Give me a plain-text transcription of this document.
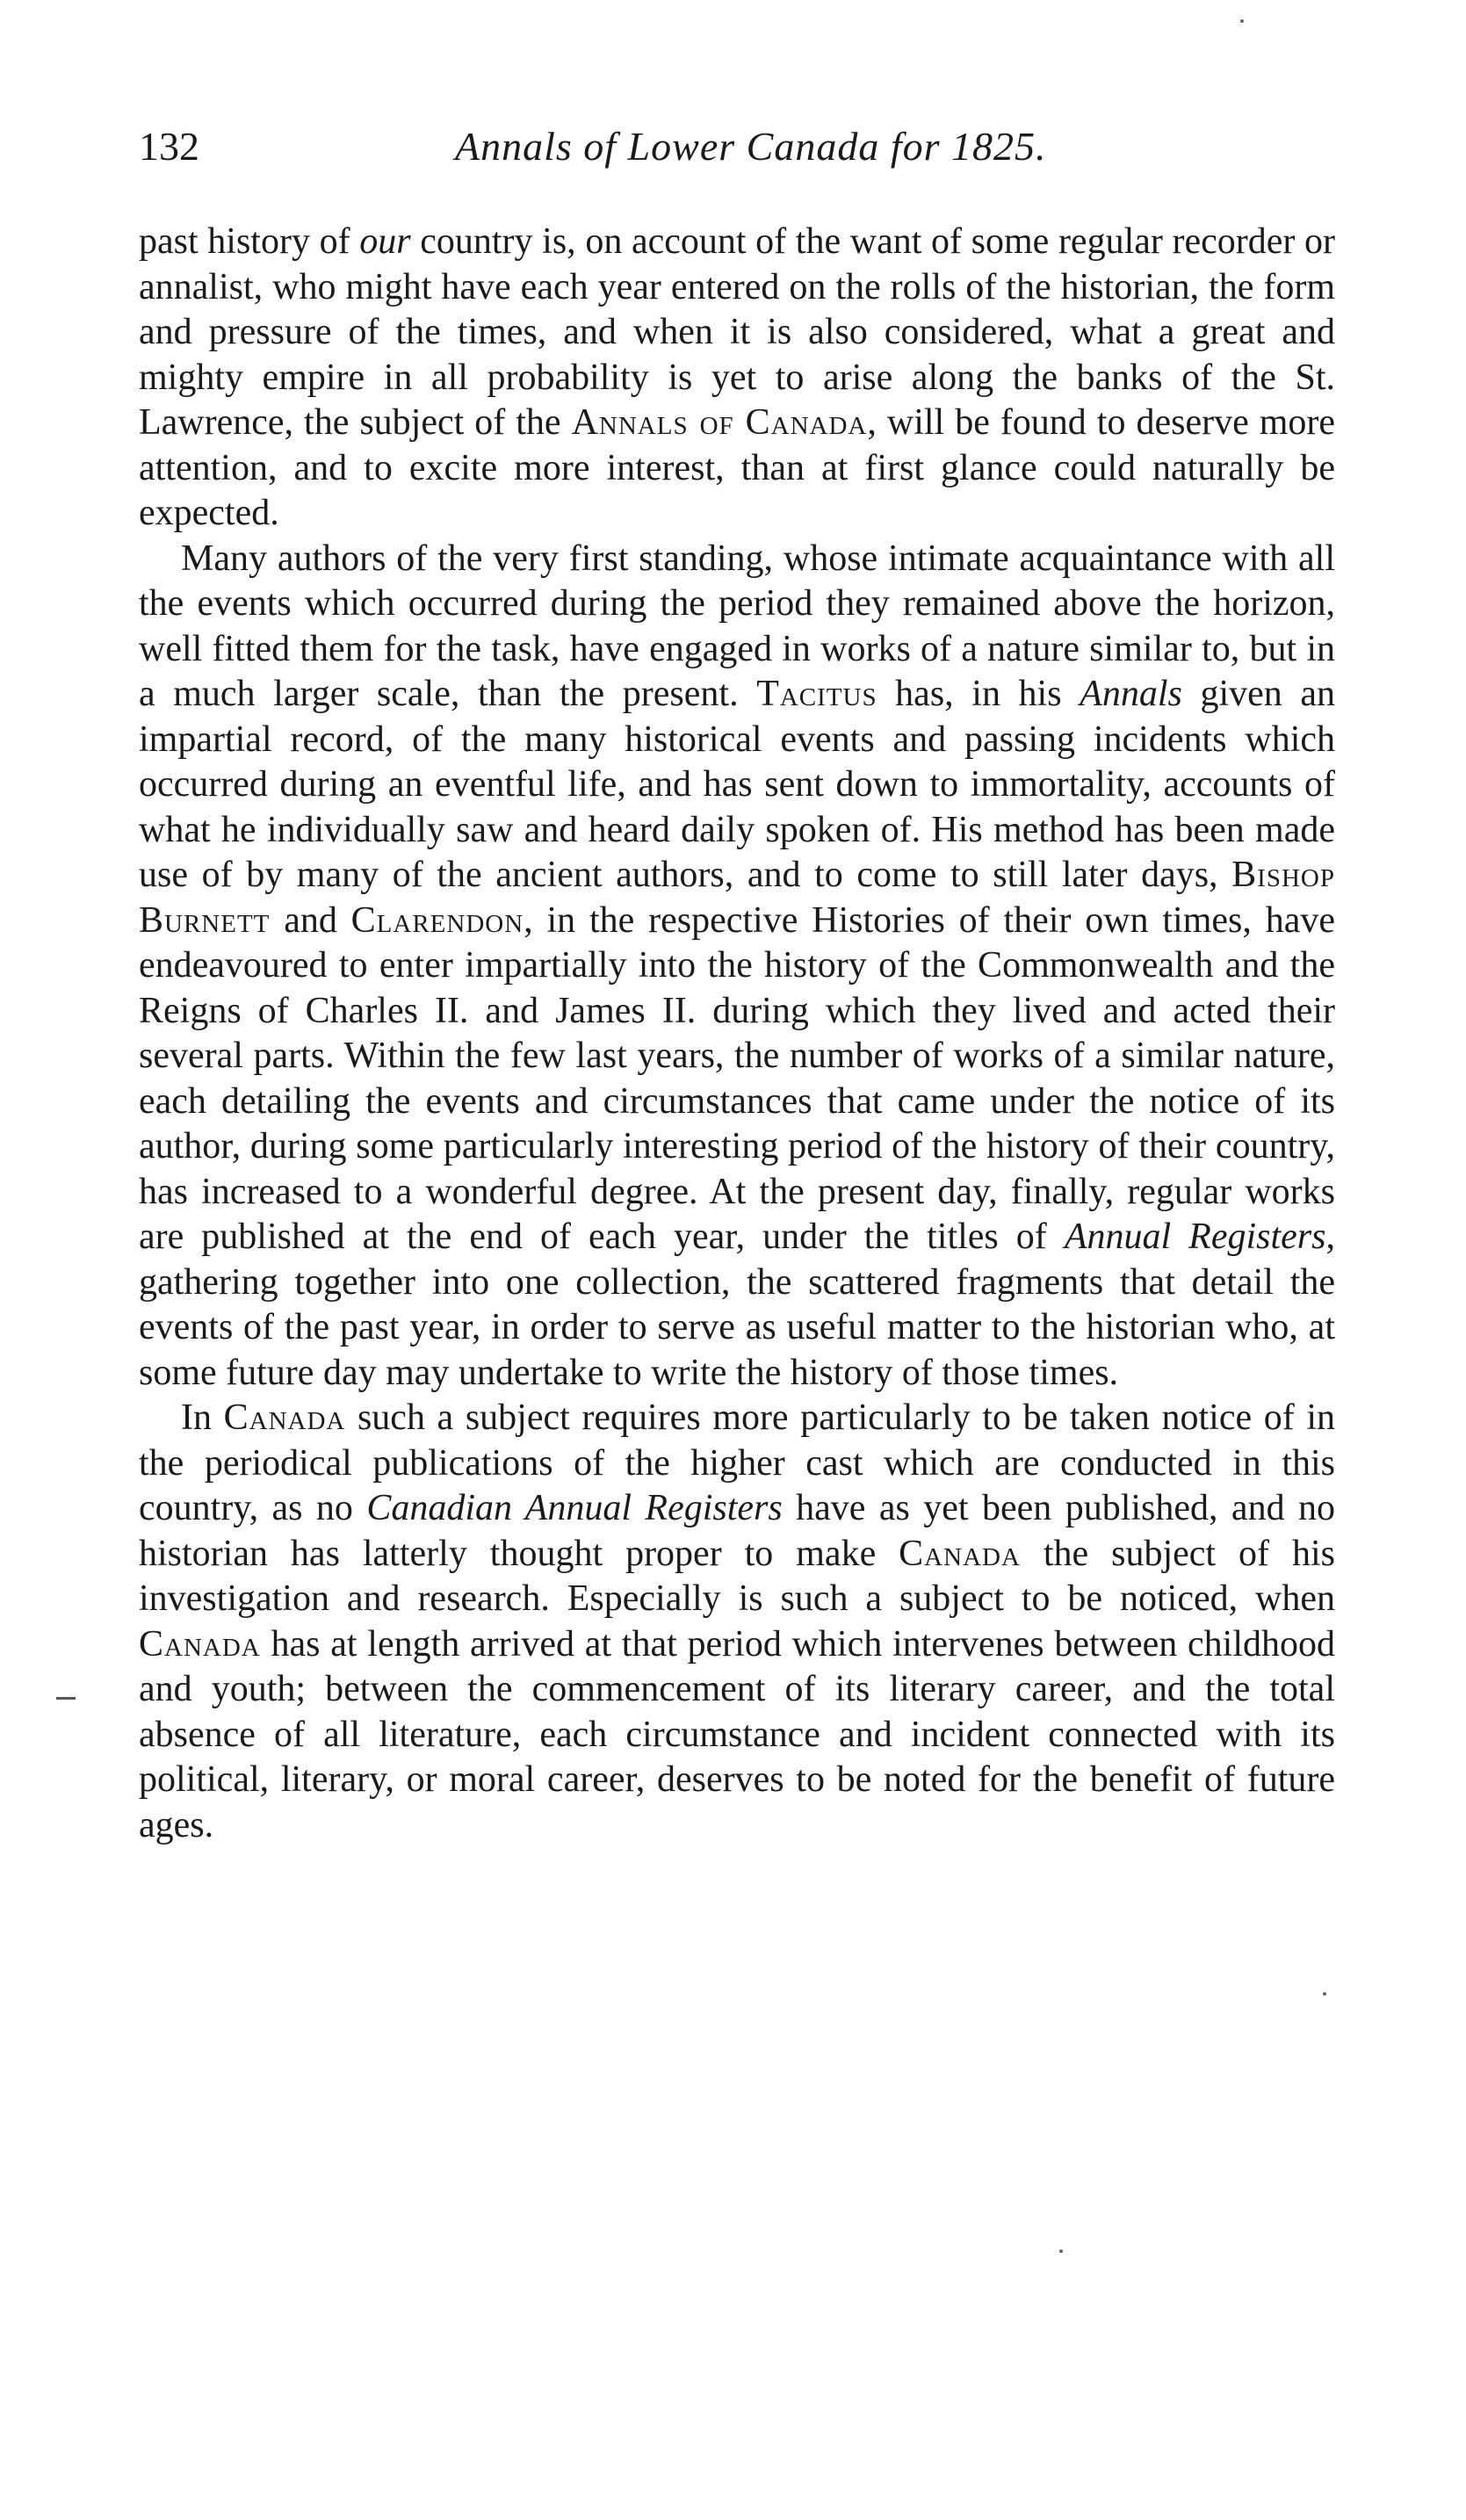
132	Annals of Lower Canada for 1825.

past history of our country is, on account of the want of some regular recorder or annalist, who might have each year entered on the rolls of the historian, the form and pressure of the times, and when it is also considered, what a great and mighty empire in all probability is yet to arise along the banks of the St. Lawrence, the subject of the Annals of Canada, will be found to deserve more attention, and to excite more interest, than at first glance could naturally be expected.

Many authors of the very first standing, whose intimate acquaintance with all the events which occurred during the period they remained above the horizon, well fitted them for the task, have engaged in works of a nature similar to, but in a much larger scale, than the present. Tacitus has, in his Annals given an impartial record, of the many historical events and passing incidents which occurred during an eventful life, and has sent down to immortality, accounts of what he individually saw and heard daily spoken of. His method has been made use of by many of the ancient authors, and to come to still later days, Bishop Burnett and Clarendon, in the respective Histories of their own times, have endeavoured to enter impartially into the history of the Commonwealth and the Reigns of Charles II. and James II. during which they lived and acted their several parts. Within the few last years, the number of works of a similar nature, each detailing the events and circumstances that came under the notice of its author, during some particularly interesting period of the history of their country, has increased to a wonderful degree. At the present day, finally, regular works are published at the end of each year, under the titles of Annual Registers, gathering together into one collection, the scattered fragments that detail the events of the past year, in order to serve as useful matter to the historian who, at some future day may undertake to write the history of those times.

In Canada such a subject requires more particularly to be taken notice of in the periodical publications of the higher cast which are conducted in this country, as no Canadian Annual Registers have as yet been published, and no historian has latterly thought proper to make Canada the subject of his investigation and research. Especially is such a subject to be noticed, when Canada has at length arrived at that period which intervenes between childhood and youth; between the commencement of its literary career, and the total absence of all literature, each circumstance and incident connected with its political, literary, or moral career, deserves to be noted for the benefit of future ages.
